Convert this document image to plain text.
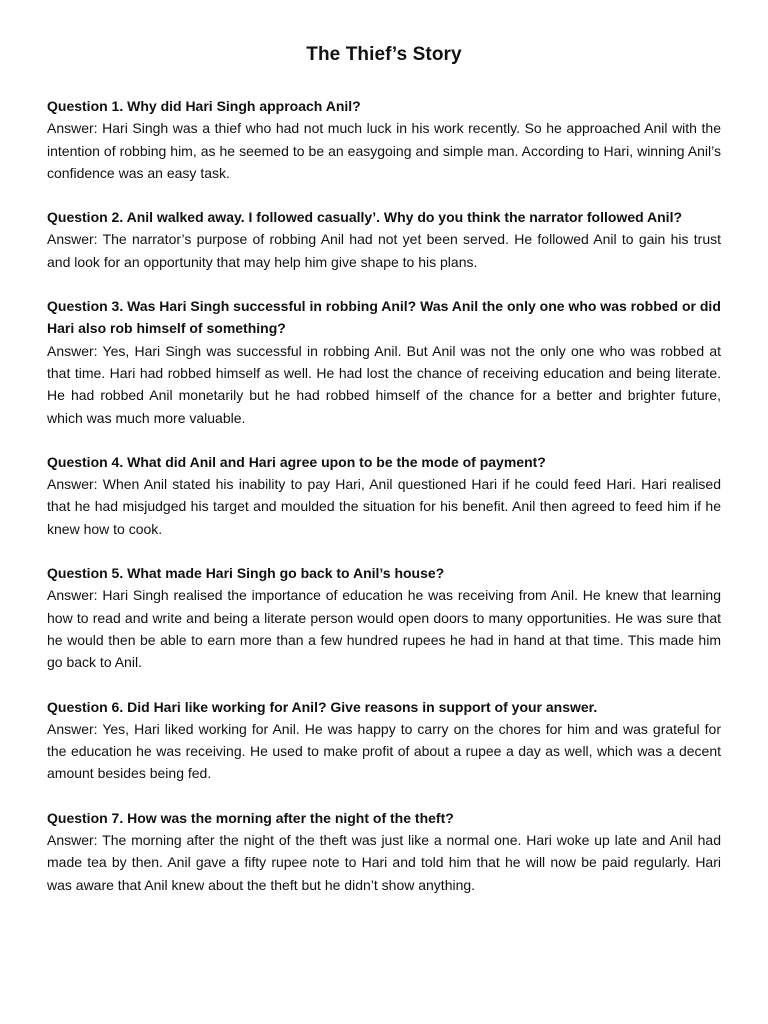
The Thief’s Story

Question 1. Why did Hari Singh approach Anil?

Answer: Hari Singh was a thief who had not much luck in his work recently. So he approached Anil with the intention of robbing him, as he seemed to be an easygoing and simple man. According to Hari, winning Anil’s confidence was an easy task.

Question 2. Anil walked away. I followed casually’. Why do you think the narrator followed Anil?

Answer: The narrator’s purpose of robbing Anil had not yet been served. He followed Anil to gain his trust and look for an opportunity that may help him give shape to his plans.

Question 3. Was Hari Singh successful in robbing Anil? Was Anil the only one who was robbed or did Hari also rob himself of something?

Answer: Yes, Hari Singh was successful in robbing Anil. But Anil was not the only one who was robbed at that time. Hari had robbed himself as well. He had lost the chance of receiving education and being literate. He had robbed Anil monetarily but he had robbed himself of the chance for a better and brighter future, which was much more valuable.

Question 4. What did Anil and Hari agree upon to be the mode of payment?

Answer: When Anil stated his inability to pay Hari, Anil questioned Hari if he could feed Hari. Hari realised that he had misjudged his target and moulded the situation for his benefit. Anil then agreed to feed him if he knew how to cook.

Question 5. What made Hari Singh go back to Anil’s house?

Answer: Hari Singh realised the importance of education he was receiving from Anil. He knew that learning how to read and write and being a literate person would open doors to many opportunities. He was sure that he would then be able to earn more than a few hundred rupees he had in hand at that time. This made him go back to Anil.

Question 6. Did Hari like working for Anil? Give reasons in support of your answer.

Answer: Yes, Hari liked working for Anil. He was happy to carry on the chores for him and was grateful for the education he was receiving. He used to make profit of about a rupee a day as well, which was a decent amount besides being fed.

Question 7. How was the morning after the night of the theft?

Answer: The morning after the night of the theft was just like a normal one. Hari woke up late and Anil had made tea by then. Anil gave a fifty rupee note to Hari and told him that he will now be paid regularly. Hari was aware that Anil knew about the theft but he didn’t show anything.
